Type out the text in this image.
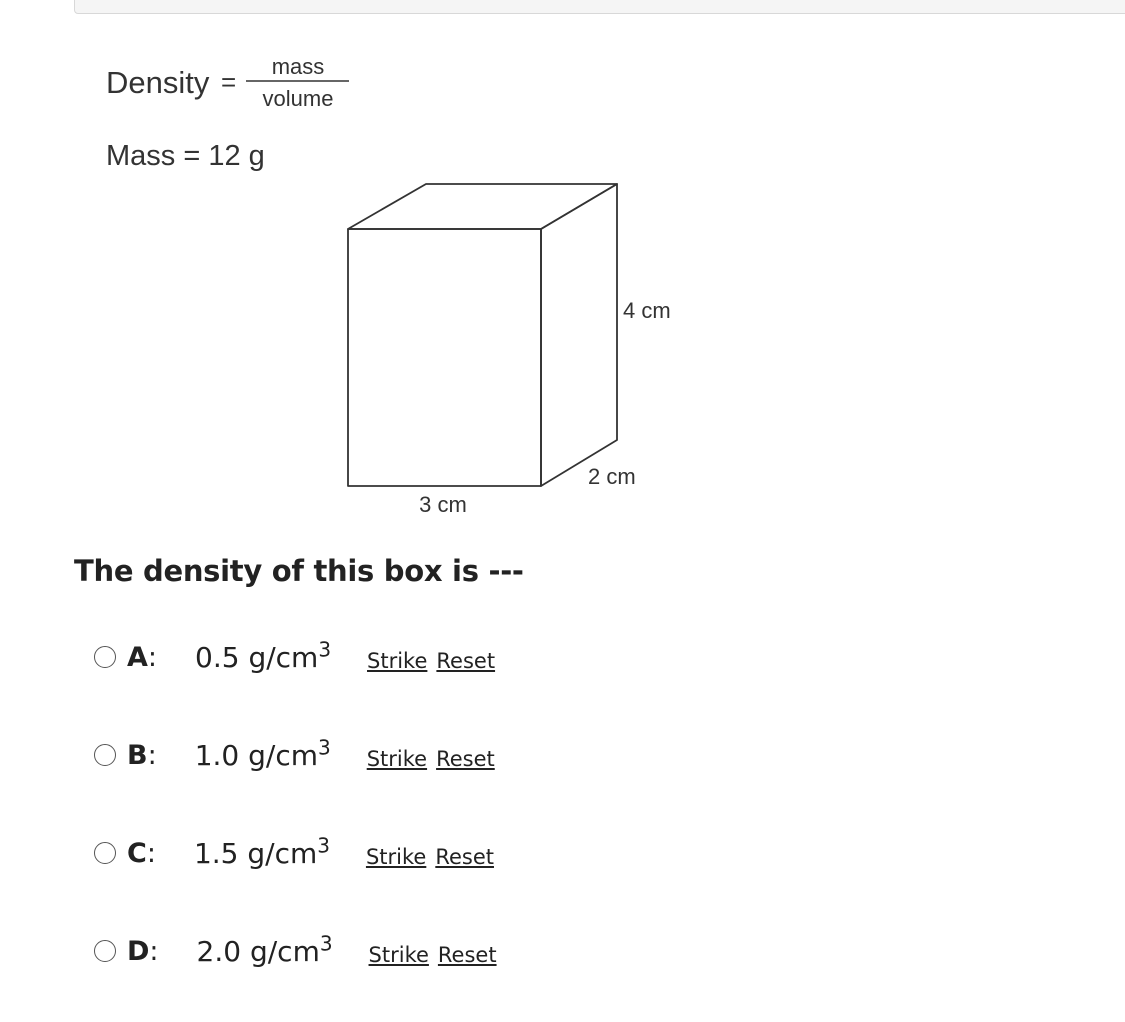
Density =
mass
volume
Mass = 12 g
4 cm
2 cm
3 cm
The density of this box is ---
A : 0.5 $g/cm^3$	Strike Reset
B : 1.0 $g/cm^3$	Strike Reset
C : 1.5 $g/cm^3$	Strike Reset
D : 2.0 $g/cm^3$	Strike Reset
